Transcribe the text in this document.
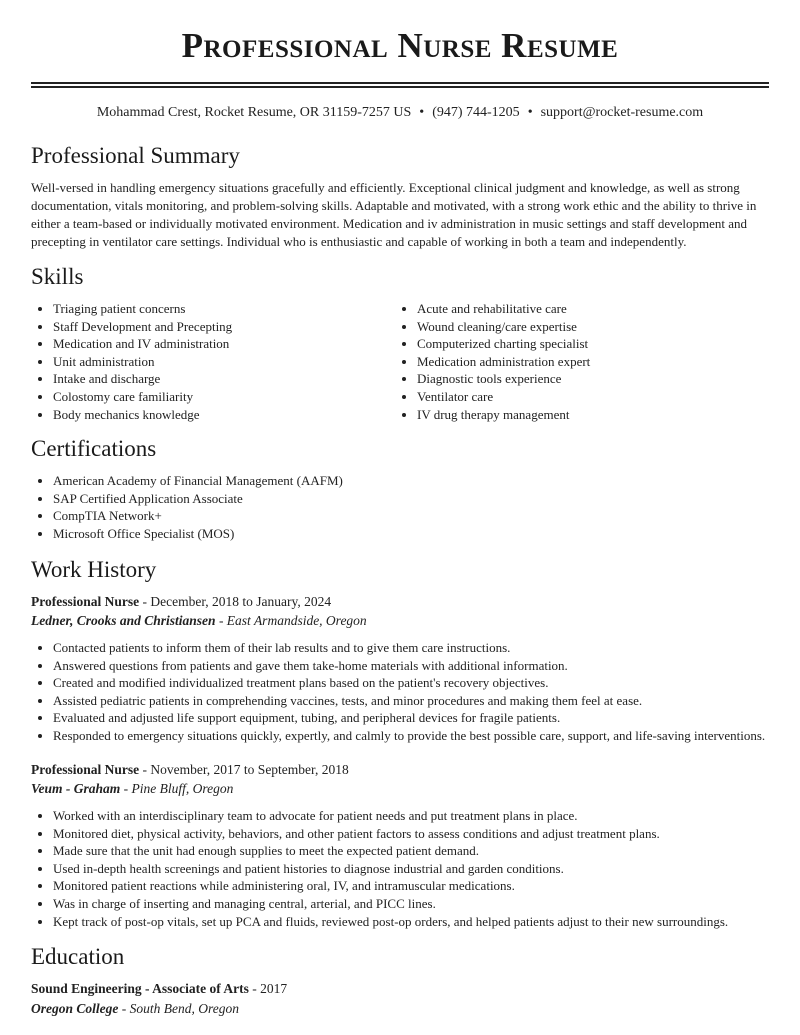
Professional Nurse Resume
Mohammad Crest, Rocket Resume, OR 31159-7257 US • (947) 744-1205 • support@rocket-resume.com
Professional Summary

Well-versed in handling emergency situations gracefully and efficiently. Exceptional clinical judgment and knowledge, as well as strong documentation, vitals monitoring, and problem-solving skills. Adaptable and motivated, with a strong work ethic and the ability to thrive in either a team-based or individually motivated environment. Medication and iv administration in music settings and staff development and precepting in ventilator care settings. Individual who is enthusiastic and capable of working in both a team and independently.

Skills
• Triaging patient concerns
• Staff Development and Precepting
• Medication and IV administration
• Unit administration
• Intake and discharge
• Colostomy care familiarity
• Body mechanics knowledge
• Acute and rehabilitative care
• Wound cleaning/care expertise
• Computerized charting specialist
• Medication administration expert
• Diagnostic tools experience
• Ventilator care
• IV drug therapy management
Certifications
• American Academy of Financial Management (AAFM)
• SAP Certified Application Associate
• CompTIA Network+
• Microsoft Office Specialist (MOS)
Work History

Professional Nurse - December, 2018 to January, 2024

Ledner, Crooks and Christiansen - East Armandside, Oregon

• Contacted patients to inform them of their lab results and to give them care instructions.
• Answered questions from patients and gave them take-home materials with additional information.
• Created and modified individualized treatment plans based on the patient's recovery objectives.
• Assisted pediatric patients in comprehending vaccines, tests, and minor procedures and making them feel at ease.
• Evaluated and adjusted life support equipment, tubing, and peripheral devices for fragile patients.
• Responded to emergency situations quickly, expertly, and calmly to provide the best possible care, support, and life-saving interventions.

Professional Nurse - November, 2017 to September, 2018

Veum - Graham - Pine Bluff, Oregon

• Worked with an interdisciplinary team to advocate for patient needs and put treatment plans in place.
• Monitored diet, physical activity, behaviors, and other patient factors to assess conditions and adjust treatment plans.
• Made sure that the unit had enough supplies to meet the expected patient demand.
• Used in-depth health screenings and patient histories to diagnose industrial and garden conditions.
• Monitored patient reactions while administering oral, IV, and intramuscular medications.
• Was in charge of inserting and managing central, arterial, and PICC lines.
• Kept track of post-op vitals, set up PCA and fluids, reviewed post-op orders, and helped patients adjust to their new surroundings.
Education

Sound Engineering - Associate of Arts - 2017

Oregon College - South Bend, Oregon
